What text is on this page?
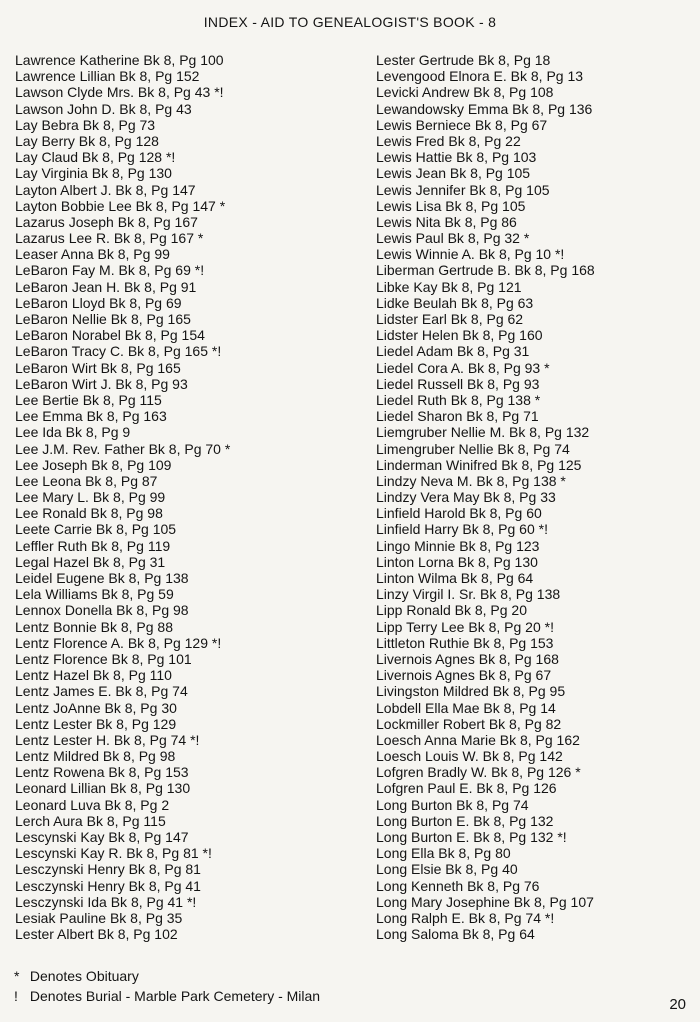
INDEX - AID TO GENEALOGIST'S BOOK - 8
Lawrence Katherine Bk 8, Pg 100
Lawrence Lillian Bk 8, Pg 152
Lawson Clyde Mrs. Bk 8, Pg 43 *!
Lawson John D. Bk 8, Pg 43
Lay Bebra Bk 8, Pg 73
Lay Berry Bk 8, Pg 128
Lay Claud Bk 8, Pg 128 *!
Lay Virginia Bk 8, Pg 130
Layton Albert J. Bk 8, Pg 147
Layton Bobbie Lee Bk 8, Pg 147 *
Lazarus Joseph Bk 8, Pg 167
Lazarus Lee R. Bk 8, Pg 167 *
Leaser Anna Bk 8, Pg 99
LeBaron Fay M. Bk 8, Pg 69 *!
LeBaron Jean H. Bk 8, Pg 91
LeBaron Lloyd Bk 8, Pg 69
LeBaron Nellie Bk 8, Pg 165
LeBaron Norabel Bk 8, Pg 154
LeBaron Tracy C. Bk 8, Pg 165 *!
LeBaron Wirt Bk 8, Pg 165
LeBaron Wirt J. Bk 8, Pg 93
Lee Bertie Bk 8, Pg 115
Lee Emma Bk 8, Pg 163
Lee Ida Bk 8, Pg 9
Lee J.M. Rev. Father Bk 8, Pg 70 *
Lee Joseph Bk 8, Pg 109
Lee Leona Bk 8, Pg 87
Lee Mary L. Bk 8, Pg 99
Lee Ronald Bk 8, Pg 98
Leete Carrie Bk 8, Pg 105
Leffler Ruth Bk 8, Pg 119
Legal Hazel Bk 8, Pg 31
Leidel Eugene Bk 8, Pg 138
Lela Williams Bk 8, Pg 59
Lennox Donella Bk 8, Pg 98
Lentz Bonnie Bk 8, Pg 88
Lentz Florence A. Bk 8, Pg 129 *!
Lentz Florence Bk 8, Pg 101
Lentz Hazel Bk 8, Pg 110
Lentz James E. Bk 8, Pg 74
Lentz JoAnne Bk 8, Pg 30
Lentz Lester Bk 8, Pg 129
Lentz Lester H. Bk 8, Pg 74 *!
Lentz Mildred Bk 8, Pg 98
Lentz Rowena Bk 8, Pg 153
Leonard Lillian Bk 8, Pg 130
Leonard Luva Bk 8, Pg 2
Lerch Aura Bk 8, Pg 115
Lescynski Kay Bk 8, Pg 147
Lescynski Kay R. Bk 8, Pg 81 *!
Lesczynski Henry Bk 8, Pg 81
Lesczynski Henry Bk 8, Pg 41
Lesczynski Ida Bk 8, Pg 41 *!
Lesiak Pauline Bk 8, Pg 35
Lester Albert Bk 8, Pg 102
Lester Gertrude Bk 8, Pg 18
Levengood Elnora E. Bk 8, Pg 13
Levicki Andrew Bk 8, Pg 108
Lewandowsky Emma Bk 8, Pg 136
Lewis Berniece Bk 8, Pg 67
Lewis Fred Bk 8, Pg 22
Lewis Hattie Bk 8, Pg 103
Lewis Jean Bk 8, Pg 105
Lewis Jennifer Bk 8, Pg 105
Lewis Lisa Bk 8, Pg 105
Lewis Nita Bk 8, Pg 86
Lewis Paul Bk 8, Pg 32 *
Lewis Winnie A. Bk 8, Pg 10 *!
Liberman Gertrude B. Bk 8, Pg 168
Libke Kay Bk 8, Pg 121
Lidke Beulah Bk 8, Pg 63
Lidster Earl Bk 8, Pg 62
Lidster Helen Bk 8, Pg 160
Liedel Adam Bk 8, Pg 31
Liedel Cora A. Bk 8, Pg 93 *
Liedel Russell Bk 8, Pg 93
Liedel Ruth Bk 8, Pg 138 *
Liedel Sharon Bk 8, Pg 71
Liemgruber Nellie M. Bk 8, Pg 132
Limengruber Nellie Bk 8, Pg 74
Linderman Winifred Bk 8, Pg 125
Lindzy Neva M. Bk 8, Pg 138 *
Lindzy Vera May Bk 8, Pg 33
Linfield Harold Bk 8, Pg 60
Linfield Harry Bk 8, Pg 60 *!
Lingo Minnie Bk 8, Pg 123
Linton Lorna Bk 8, Pg 130
Linton Wilma Bk 8, Pg 64
Linzy Virgil I. Sr. Bk 8, Pg 138
Lipp Ronald Bk 8, Pg 20
Lipp Terry Lee Bk 8, Pg 20 *!
Littleton Ruthie Bk 8, Pg 153
Livernois Agnes Bk 8, Pg 168
Livernois Agnes Bk 8, Pg 67
Livingston Mildred Bk 8, Pg 95
Lobdell Ella Mae Bk 8, Pg 14
Lockmiller Robert Bk 8, Pg 82
Loesch Anna Marie Bk 8, Pg 162
Loesch Louis W. Bk 8, Pg 142
Lofgren Bradly W. Bk 8, Pg 126 *
Lofgren Paul E. Bk 8, Pg 126
Long Burton Bk 8, Pg 74
Long Burton E. Bk 8, Pg 132
Long Burton E. Bk 8, Pg 132 *!
Long Ella Bk 8, Pg 80
Long Elsie Bk 8, Pg 40
Long Kenneth Bk 8, Pg 76
Long Mary Josephine Bk 8, Pg 107
Long Ralph E. Bk 8, Pg 74 *!
Long Saloma Bk 8, Pg 64
* Denotes Obituary
! Denotes Burial - Marble Park Cemetery - Milan	20
